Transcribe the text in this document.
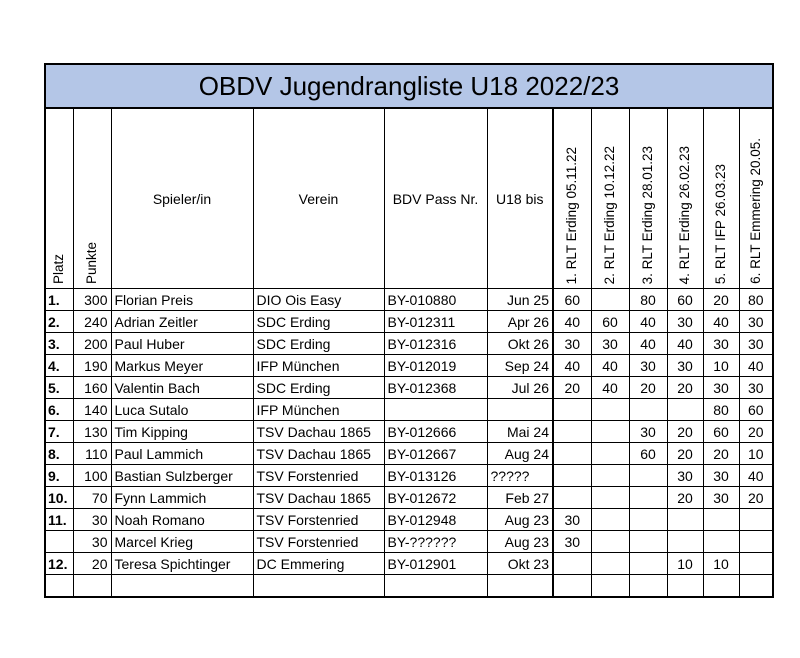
OBDV Jugendrangliste U18 2022/23											

Platz	Punkte	Spieler/in	Verein	BDV Pass Nr.	U18 bis	1. RLT Erding 05.11.22	2. RLT Erding 10.12.22	3. RLT Erding 28.01.23	4. RLT Erding 26.02.23	5. RLT IFP 26.03.23	6. RLT Emmering 20.05.

1.	300	Florian Preis	DIO Ois Easy	BY-010880	Jun 25	60		80	60	20	80
2.	240	Adrian Zeitler	SDC Erding	BY-012311	Apr 26	40	60	40	30	40	30
3.	200	Paul Huber	SDC Erding	BY-012316	Okt 26	30	30	40	40	30	30
4.	190	Markus Meyer	IFP München	BY-012019	Sep 24	40	40	30	30	10	40
5.	160	Valentin Bach	SDC Erding	BY-012368	Jul 26	20	40	20	20	30	30
6.	140	Luca Sutalo	IFP München							80	60
7.	130	Tim Kipping	TSV Dachau 1865	BY-012666	Mai 24			30	20	60	20
8.	110	Paul Lammich	TSV Dachau 1865	BY-012667	Aug 24			60	20	20	10
9.	100	Bastian Sulzberger	TSV Forstenried	BY-013126	?????				30	30	40
10.	70	Fynn Lammich	TSV Dachau 1865	BY-012672	Feb 27				20	30	20
11.	30	Noah Romano	TSV Forstenried	BY-012948	Aug 23	30					
	30	Marcel Krieg	TSV Forstenried	BY-??????	Aug 23	30					
12.	20	Teresa Spichtinger	DC Emmering	BY-012901	Okt 23				10	10	
